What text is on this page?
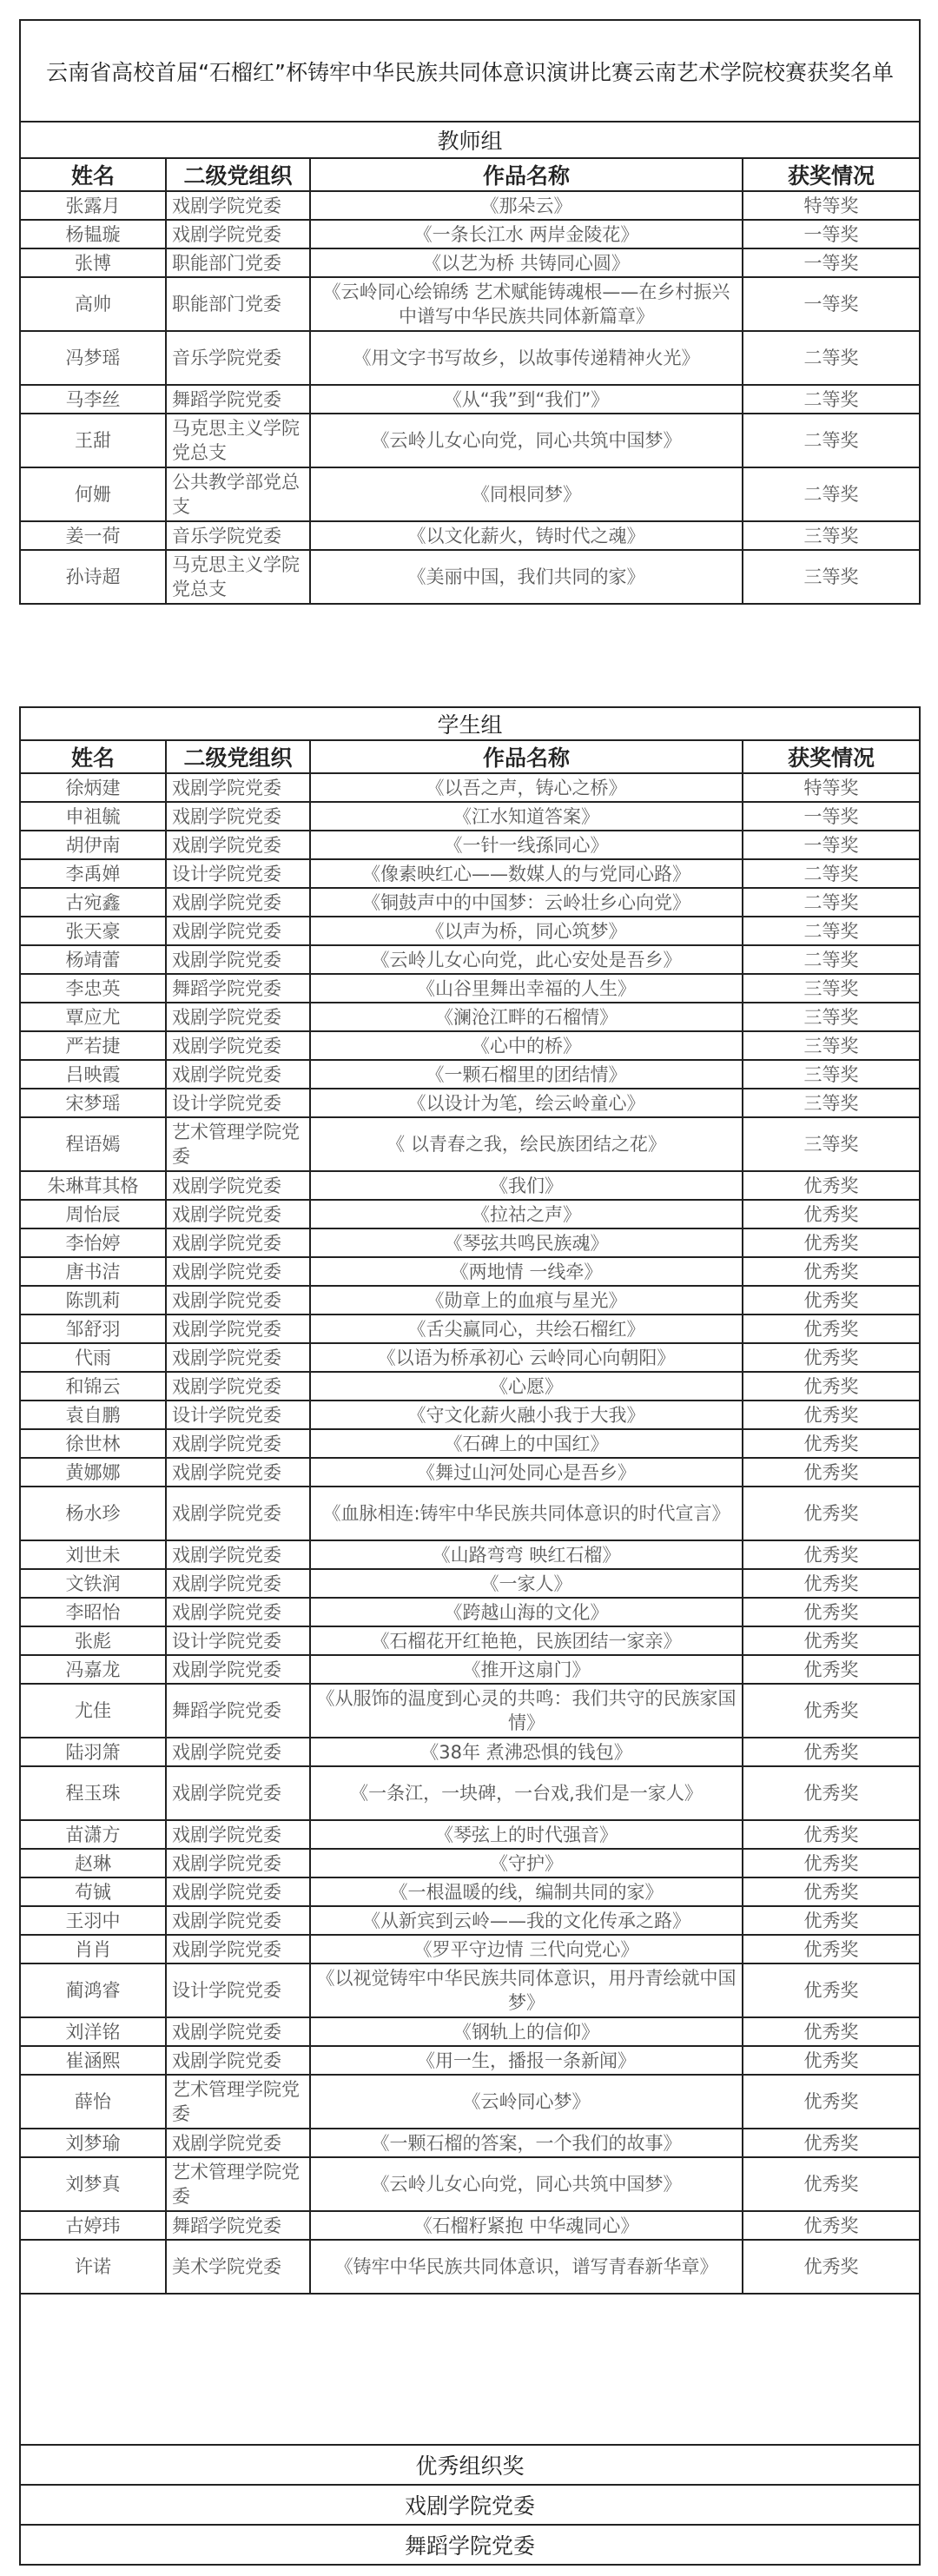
云南省高校首届“石榴红”杯铸牢中华民族共同体意识演讲比赛云南艺术学院校赛获奖名单			
教师组			
姓名	二级党组织	作品名称	获奖情况

张露月	戏剧学院党委	《那朵云》	特等奖

杨韫璇	戏剧学院党委	《一条长江水 两岸金陵花》	一等奖

张博	职能部门党委	《以艺为桥 共铸同心圆》	一等奖

高帅	职能部门党委	《云岭同心绘锦绣 艺术赋能铸魂根——在乡村振兴中谱写中华民族共同体新篇章》	一等奖

冯梦瑶	音乐学院党委	《用文字书写故乡，以故事传递精神火光》	二等奖

马李丝	舞蹈学院党委	《从“我”到“我们”》	二等奖

王甜	马克思主义学院党总支	《云岭儿女心向党，同心共筑中国梦》	二等奖

何姗	公共教学部党总支	《同根同梦》	二等奖

姜一荷	音乐学院党委	《以文化薪火，铸时代之魂》	三等奖

孙诗超	马克思主义学院党总支	《美丽中国，我们共同的家》	三等奖
学生组			
姓名	二级党组织	作品名称	获奖情况

徐炳建	戏剧学院党委	《以吾之声，铸心之桥》	特等奖

申祖毓	戏剧学院党委	《江水知道答案》	一等奖

胡伊南	戏剧学院党委	《一针一线孫同心》	一等奖

李禹婵	设计学院党委	《像素映红心——数媒人的与党同心路》	二等奖

古宛鑫	戏剧学院党委	《铜鼓声中的中国梦：云岭壮乡心向党》	二等奖

张天豪	戏剧学院党委	《以声为桥，同心筑梦》	二等奖

杨靖蕾	戏剧学院党委	《云岭儿女心向党，此心安处是吾乡》	二等奖

李忠英	舞蹈学院党委	《山谷里舞出幸福的人生》	三等奖

覃应尤	戏剧学院党委	《澜沧江畔的石榴情》	三等奖

严若捷	戏剧学院党委	《心中的桥》	三等奖

吕映霞	戏剧学院党委	《一颗石榴里的团结情》	三等奖

宋梦瑶	设计学院党委	《以设计为笔，绘云岭童心》	三等奖

程语嫣	艺术管理学院党委	《 以青春之我，绘民族团结之花》	三等奖

朱琳茸其格	戏剧学院党委	《我们》	优秀奖

周怡辰	戏剧学院党委	《拉祜之声》	优秀奖

李怡婷	戏剧学院党委	《琴弦共鸣民族魂》	优秀奖

唐书洁	戏剧学院党委	《两地情 一线牵》	优秀奖

陈凯莉	戏剧学院党委	《勋章上的血痕与星光》	优秀奖

邹舒羽	戏剧学院党委	《舌尖赢同心，共绘石榴红》	优秀奖

代雨	戏剧学院党委	《以语为桥承初心 云岭同心向朝阳》	优秀奖

和锦云	戏剧学院党委	《心愿》	优秀奖

袁自鹏	设计学院党委	《守文化薪火融小我于大我》	优秀奖

徐世林	戏剧学院党委	《石碑上的中国红》	优秀奖

黄娜娜	戏剧学院党委	《舞过山河处同心是吾乡》	优秀奖

杨水珍	戏剧学院党委	《血脉相连:铸牢中华民族共同体意识的时代宣言》	优秀奖

刘世未	戏剧学院党委	《山路弯弯 映红石榴》	优秀奖

文铁润	戏剧学院党委	《一家人》	优秀奖

李昭怡	戏剧学院党委	《跨越山海的文化》	优秀奖

张彪	设计学院党委	《石榴花开红艳艳，民族团结一家亲》	优秀奖

冯嘉龙	戏剧学院党委	《推开这扇门》	优秀奖

尤佳	舞蹈学院党委	《从服饰的温度到心灵的共鸣：我们共守的民族家国情》	优秀奖

陆羽箫	戏剧学院党委	《38年 煮沸恐惧的钱包》	优秀奖

程玉珠	戏剧学院党委	《一条江，一块碑，一台戏,我们是一家人》	优秀奖

苗潇方	戏剧学院党委	《琴弦上的时代强音》	优秀奖

赵琳	戏剧学院党委	《守护》	优秀奖

苟铖	戏剧学院党委	《一根温暖的线，编制共同的家》	优秀奖

王羽中	戏剧学院党委	《从新宾到云岭——我的文化传承之路》	优秀奖

肖肖	戏剧学院党委	《罗平守边情 三代向党心》	优秀奖

蔺鸿睿	设计学院党委	《以视觉铸牢中华民族共同体意识，用丹青绘就中国梦》	优秀奖

刘洋铭	戏剧学院党委	《钢轨上的信仰》	优秀奖

崔涵熙	戏剧学院党委	《用一生，播报一条新闻》	优秀奖

薛怡	艺术管理学院党委	《云岭同心梦》	优秀奖

刘梦瑜	戏剧学院党委	《一颗石榴的答案，一个我们的故事》	优秀奖

刘梦真	艺术管理学院党委	《云岭儿女心向党，同心共筑中国梦》	优秀奖

古婷玮	舞蹈学院党委	《石榴籽紧抱 中华魂同心》	优秀奖

许诺	美术学院党委	《铸牢中华民族共同体意识，谱写青春新华章》	优秀奖

优秀组织奖			
戏剧学院党委			
舞蹈学院党委			
